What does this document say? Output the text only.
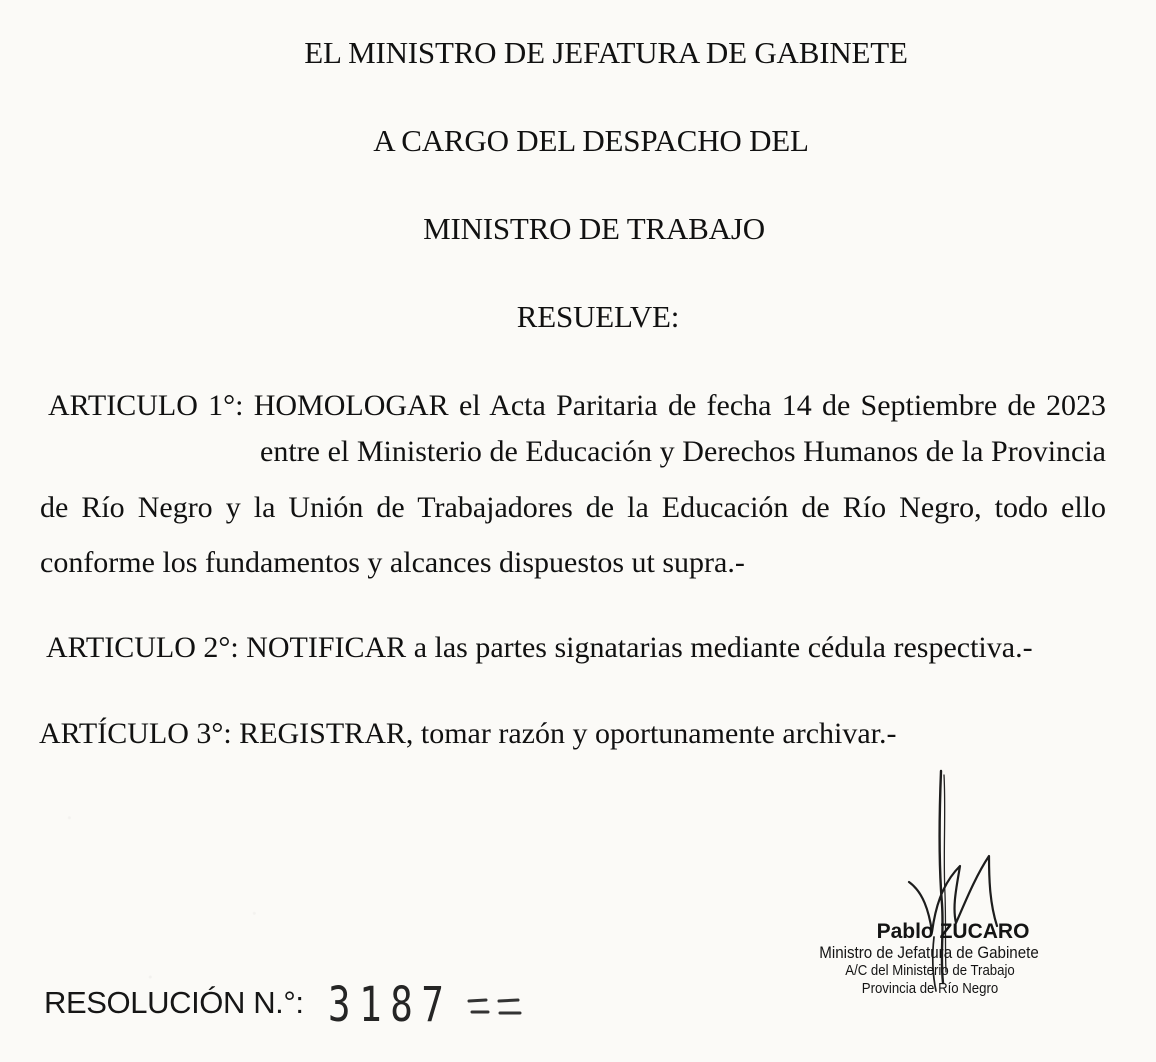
EL MINISTRO DE JEFATURA DE GABINETE
A CARGO DEL DESPACHO DEL
MINISTRO DE TRABAJO
RESUELVE:
ARTICULO 1°: HOMOLOGAR el Acta Paritaria de fecha 14 de Septiembre de 2023
entre el Ministerio de Educación y Derechos Humanos de la Provincia
de Río Negro y la Unión de Trabajadores de la Educación de Río Negro, todo ello
conforme los fundamentos y alcances dispuestos ut supra.-
ARTICULO 2°: NOTIFICAR a las partes signatarias mediante cédula respectiva.-
ARTÍCULO 3°: REGISTRAR, tomar razón y oportunamente archivar.-
Pablo ZUCARO
Ministro de Jefatura de Gabinete
A/C del Ministerio de Trabajo
Provincia de Río Negro
RESOLUCIÓN N.°: 3187
